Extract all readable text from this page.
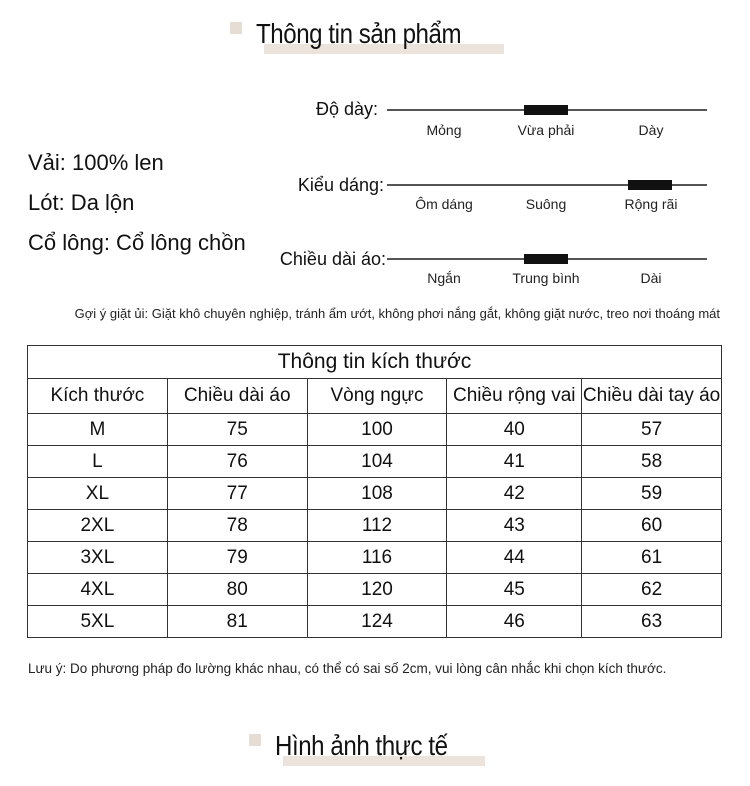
Thông tin sản phẩm
Vải: 100% len
Lót: Da lộn
Cổ lông: Cổ lông chồn
Độ dày:
Mỏng	Vừa phải	Dày
Kiểu dáng:
Ôm dáng	Suông	Rộng rãi
Chiều dài áo:
Ngắn	Trung bình	Dài
Gợi ý giặt ủi: Giặt khô chuyên nghiệp, tránh ẩm ướt, không phơi nắng gắt, không giặt nước, treo nơi thoáng mát
Thông tin kích thước				
Kích thước	Chiều dài áo	Vòng ngực	Chiều rộng vai	Chiều dài tay áo
M	75	100	40	57
L	76	104	41	58
XL	77	108	42	59
2XL	78	112	43	60
3XL	79	116	44	61
4XL	80	120	45	62
5XL	81	124	46	63
Lưu ý: Do phương pháp đo lường khác nhau, có thể có sai số 2cm, vui lòng cân nhắc khi chọn kích thước.
Hình ảnh thực tế
